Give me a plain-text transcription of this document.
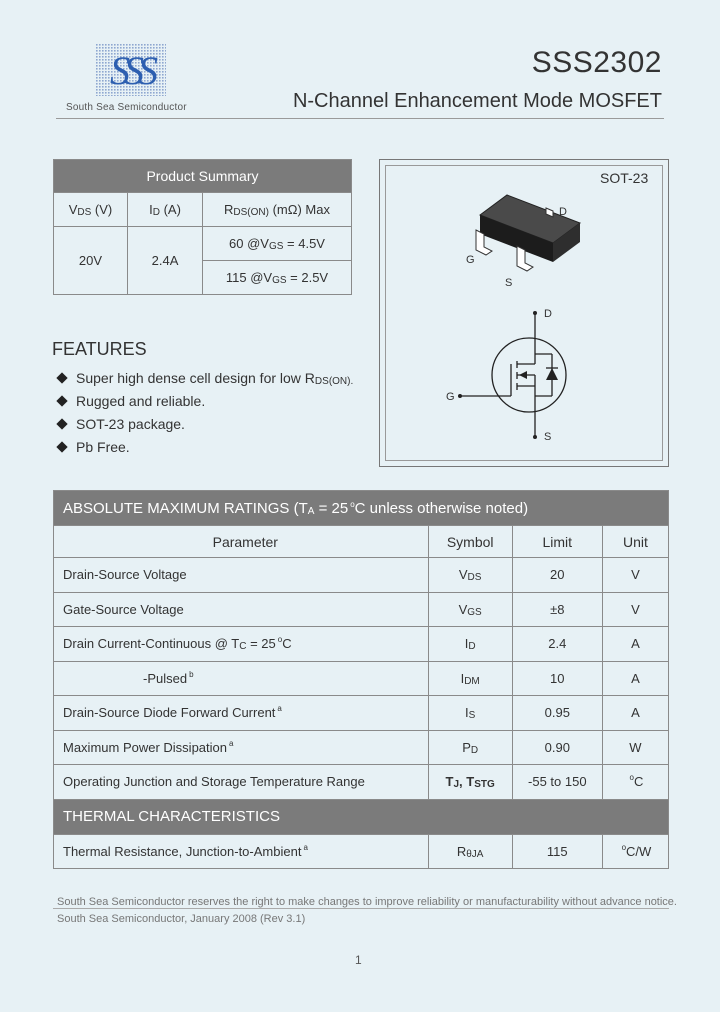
SSS
South Sea Semiconductor
SSS2302
N-Channel Enhancement Mode MOSFET
Product Summary		
VDS (V)	ID (A)	RDS(ON) (mΩ) Max
20V	2.4A	60 @VGS = 4.5V
		115 @VGS = 2.5V
SOT-23
D
G
S
D
G
S
FEATURES
Super high dense cell design for low RDS(ON).
Rugged and reliable.
SOT-23 package.
Pb Free.
ABSOLUTE MAXIMUM RATINGS (TA = 25 $^o$C unless otherwise noted)			
Parameter	Symbol	Limit	Unit
Drain-Source Voltage	VDS	20	V
Gate-Source Voltage	VGS	±8	V
Drain Current-Continuous @ TC = 25 $^o$C	ID	2.4	A
-Pulsed $^b$	IDM	10	A
Drain-Source Diode Forward Current $^a$	IS	0.95	A
Maximum Power Dissipation $^a$	PD	0.90	W
Operating Junction and Storage Temperature Range	TJ, TSTG	-55 to 150	$^o$C
THERMAL CHARACTERISTICS			
Thermal Resistance, Junction-to-Ambient $^a$	RθJA	115	$^o$C/W
South Sea Semiconductor reserves the right to make changes to improve reliability or manufacturability without advance notice.
South Sea Semiconductor, January 2008 (Rev 3.1)
1
